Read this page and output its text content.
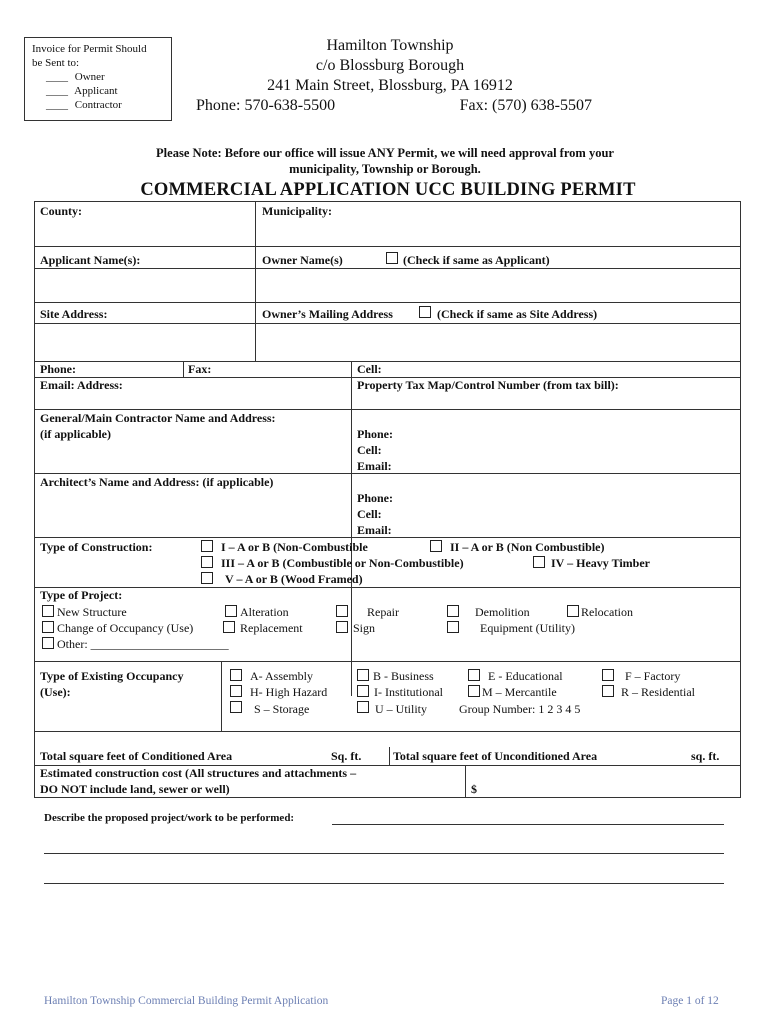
Invoice for Permit Should
be Sent to:
____ Owner
____ Applicant
____ Contractor
Hamilton Township
c/o Blossburg Borough
241 Main Street, Blossburg, PA 16912
Phone: 570-638-5500	Fax: (570) 638-5507
Please Note: Before our office will issue ANY Permit, we will need approval from your
municipality, Township or Borough.
COMMERCIAL APPLICATION UCC BUILDING PERMIT
County:	Municipality:
Applicant Name(s):	Owner Name(s)	(Check if same as Applicant)
Site Address:	Owner’s Mailing Address	(Check if same as Site Address)
Phone:	Fax:	Cell:
Email: Address:	Property Tax Map/Control Number (from tax bill):
General/Main Contractor Name and Address:
(if applicable)	Phone:
Cell:
Email:
Architect’s Name and Address: (if applicable)
Phone:
Cell:
Email:
Type of Construction:	I – A or B (Non-Combustible	II – A or B (Non Combustible)
III – A or B (Combustible or Non-Combustible)	IV – Heavy Timber
V – A or B (Wood Framed)
Type of Project:
New Structure	Alteration	Repair	Demolition	Relocation
Change of Occupancy (Use)	Replacement	Sign	Equipment (Utility)
Other: _______________________
Type of Existing Occupancy
(Use):
A- Assembly	B - Business	E - Educational	F – Factory
H- High Hazard	I- Institutional	M – Mercantile	R – Residential
S – Storage	U – Utility	Group Number: 1 2 3 4 5
Total square feet of Conditioned Area	Sq. ft.	Total square feet of Unconditioned Area	sq. ft.
Estimated construction cost (All structures and attachments –
DO NOT include land, sewer or well)	$
Describe the proposed project/work to be performed:
Hamilton Township Commercial Building Permit Application	Page 1 of 12
